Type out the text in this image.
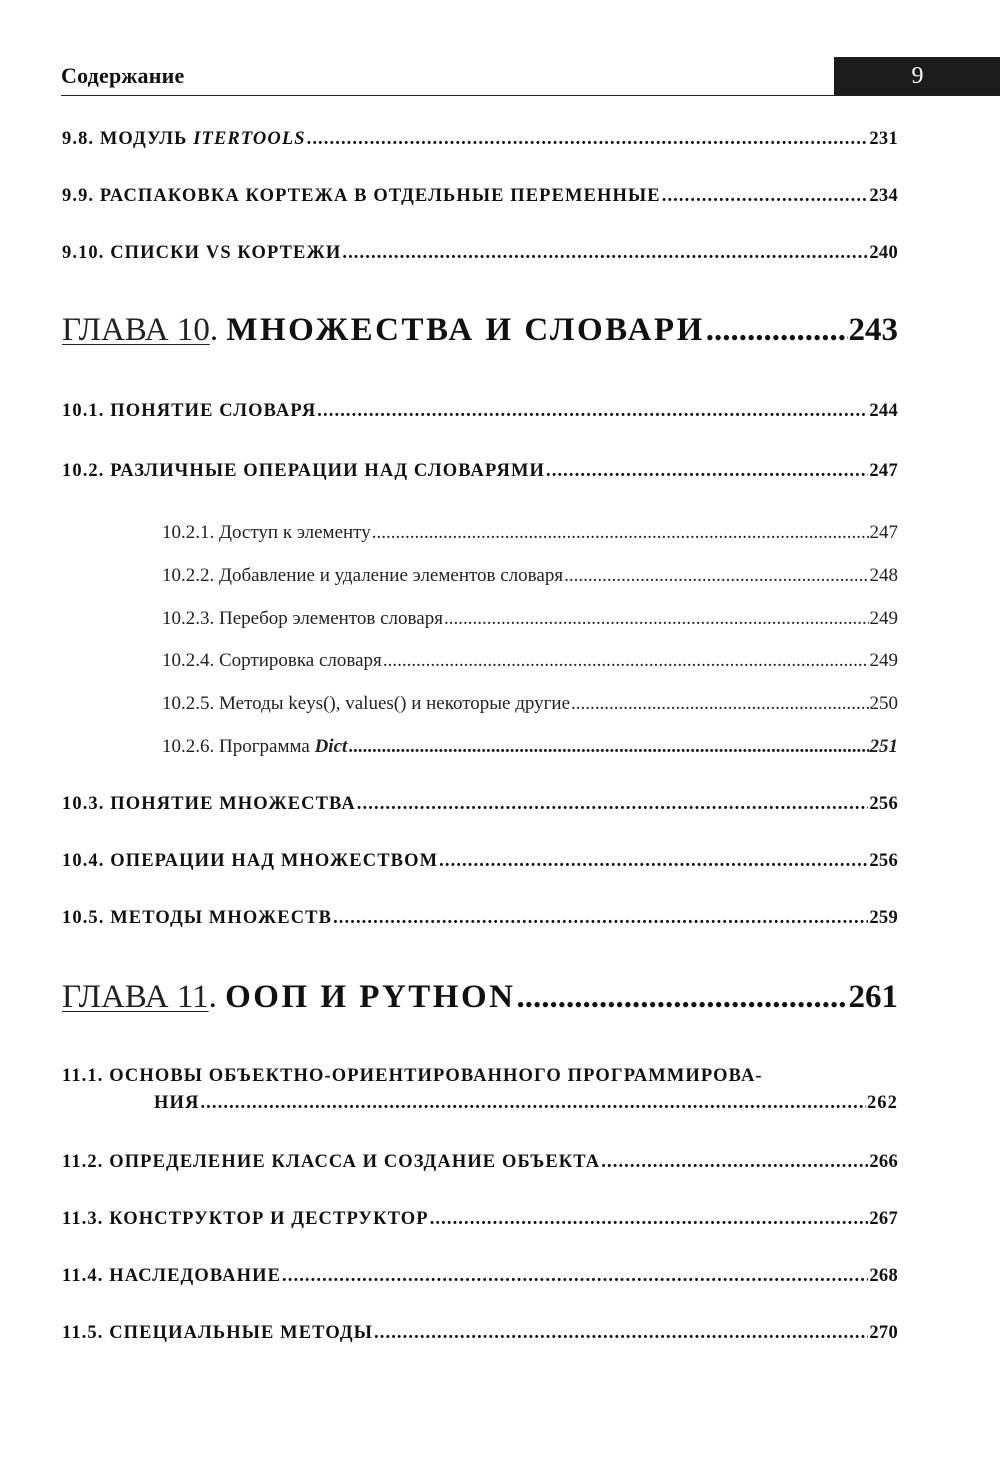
Содержание	9
9.8. МОДУЛЬ ITERTOOLS .....	231
9.9. РАСПАКОВКА КОРТЕЖА В ОТДЕЛЬНЫЕ ПЕРЕМЕННЫЕ .....	234
9.10. СПИСКИ VS КОРТЕЖИ .....	240
ГЛАВА 10. МНОЖЕСТВА И СЛОВАРИ .....	243
10.1. ПОНЯТИЕ СЛОВАРЯ .....	244
10.2. РАЗЛИЧНЫЕ ОПЕРАЦИИ НАД СЛОВАРЯМИ .....	247
10.2.1. Доступ к элементу .....	247
10.2.2. Добавление и удаление элементов словаря .....	248
10.2.3. Перебор элементов словаря .....	249
10.2.4. Сортировка словаря .....	249
10.2.5. Методы keys(), values() и некоторые другие .....	250
10.2.6. Программа Dict .....	251
10.3. ПОНЯТИЕ МНОЖЕСТВА .....	256
10.4. ОПЕРАЦИИ НАД МНОЖЕСТВОМ .....	256
10.5. МЕТОДЫ МНОЖЕСТВ .....	259
ГЛАВА 11. ООП И PYTHON .....	261
11.1. ОСНОВЫ ОБЪЕКТНО-ОРИЕНТИРОВАННОГО ПРОГРАММИРОВА-
НИЯ .....	262
11.2. ОПРЕДЕЛЕНИЕ КЛАССА И СОЗДАНИЕ ОБЪЕКТА .....	266
11.3. КОНСТРУКТОР И ДЕСТРУКТОР .....	267
11.4. НАСЛЕДОВАНИЕ .....	268
11.5. СПЕЦИАЛЬНЫЕ МЕТОДЫ .....	270
